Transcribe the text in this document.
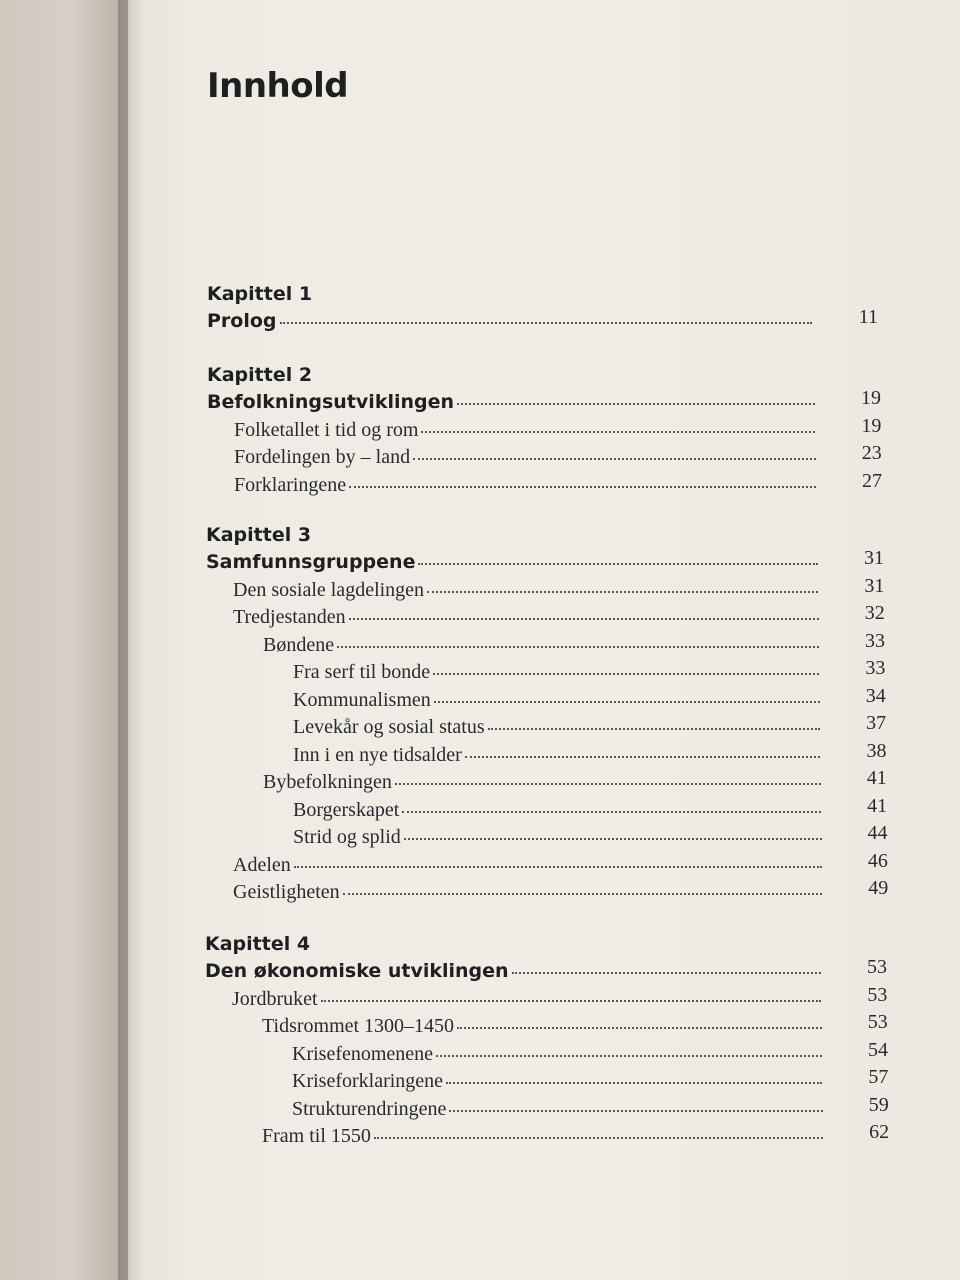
Innhold
Kapittel 1
Prolog	11
Kapittel 2
Befolkningsutviklingen	19
Folketallet i tid og rom	19
Fordelingen by – land	23
Forklaringene	27
Kapittel 3
Samfunnsgruppene	31
Den sosiale lagdelingen	31
Tredjestanden	32
Bøndene	33
Fra serf til bonde	33
Kommunalismen	34
Levekår og sosial status	37
Inn i en nye tidsalder	38
Bybefolkningen	41
Borgerskapet	41
Strid og splid	44
Adelen	46
Geistligheten	49
Kapittel 4
Den økonomiske utviklingen	53
Jordbruket	53
Tidsrommet 1300–1450	53
Krisefenomenene	54
Kriseforklaringene	57
Strukturendringene	59
Fram til 1550	62
